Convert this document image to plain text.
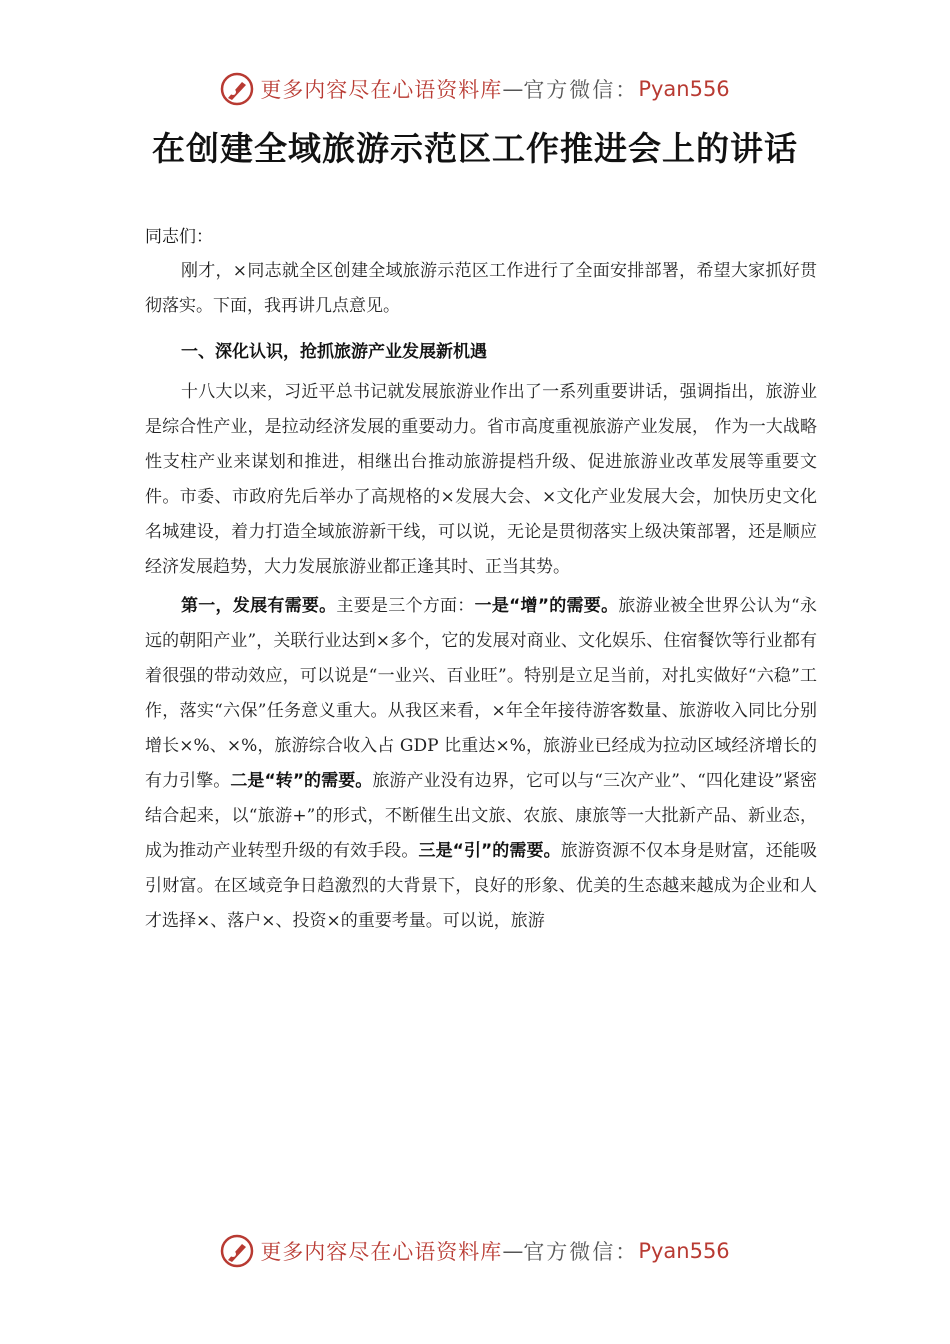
更多内容尽在心语资料库 — 官方微信： Pyan556
在创建全域旅游示范区工作推进会上的讲话
同志们：

刚才，×同志就全区创建全域旅游示范区工作进行了全面安排部署，希望大家抓好贯彻落实。下面，我再讲几点意见。

一、深化认识，抢抓旅游产业发展新机遇

十八大以来，习近平总书记就发展旅游业作出了一系列重要讲话，强调指出，旅游业是综合性产业，是拉动经济发展的重要动力。省市高度重视旅游产业发展， 作为一大战略性支柱产业来谋划和推进，相继出台推动旅游提档升级、促进旅游业改革发展等重要文件。市委、市政府先后举办了高规格的×发展大会、×文化产业发展大会，加快历史文化名城建设，着力打造全域旅游新干线，可以说，无论是贯彻落实上级决策部署，还是顺应经济发展趋势，大力发展旅游业都正逢其时、正当其势。

第一，发展有需要。主要是三个方面：一是“增”的需要。旅游业被全世界公认为“永远的朝阳产业”，关联行业达到×多个，它的发展对商业、文化娱乐、住宿餐饮等行业都有着很强的带动效应，可以说是“一业兴、百业旺”。特别是立足当前，对扎实做好“六稳”工作，落实“六保”任务意义重大。从我区来看，×年全年接待游客数量、旅游收入同比分别增长×%、×%，旅游综合收入占 GDP 比重达×%，旅游业已经成为拉动区域经济增长的有力引擎。二是“转”的需要。旅游产业没有边界，它可以与“三次产业”、“四化建设”紧密结合起来，以“旅游+”的形式，不断催生出文旅、农旅、康旅等一大批新产品、新业态，成为推动产业转型升级的有效手段。三是“引”的需要。旅游资源不仅本身是财富，还能吸引财富。在区域竞争日趋激烈的大背景下，良好的形象、优美的生态越来越成为企业和人才选择×、落户×、投资×的重要考量。可以说，旅游

更多内容尽在心语资料库 — 官方微信： Pyan556
